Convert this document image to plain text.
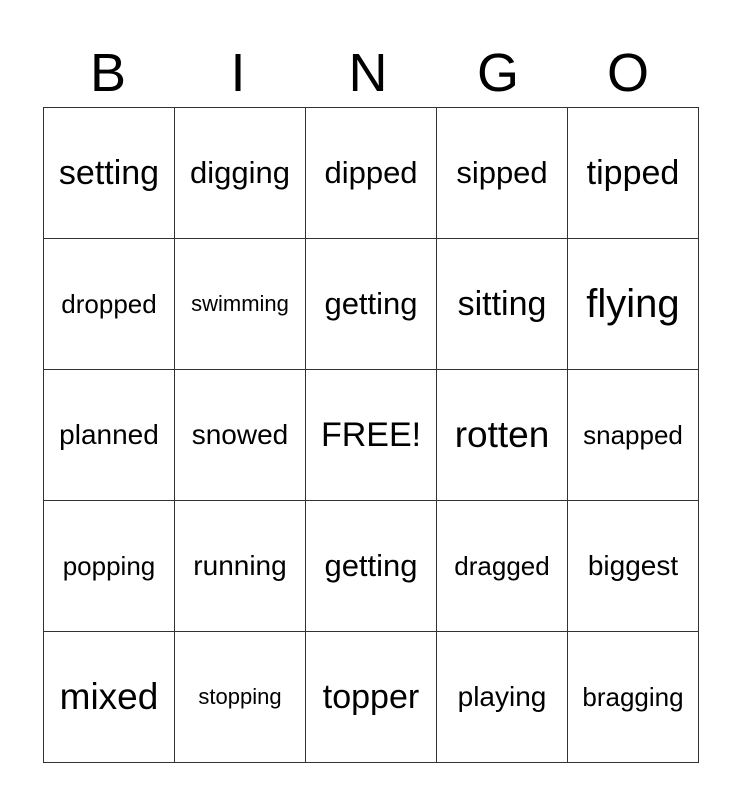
B	I	N	G	O
setting	digging	dipped	sipped	tipped
dropped	swimming	getting	sitting	flying
planned	snowed	FREE!	rotten	snapped
popping	running	getting	dragged	biggest
mixed	stopping	topper	playing	bragging
